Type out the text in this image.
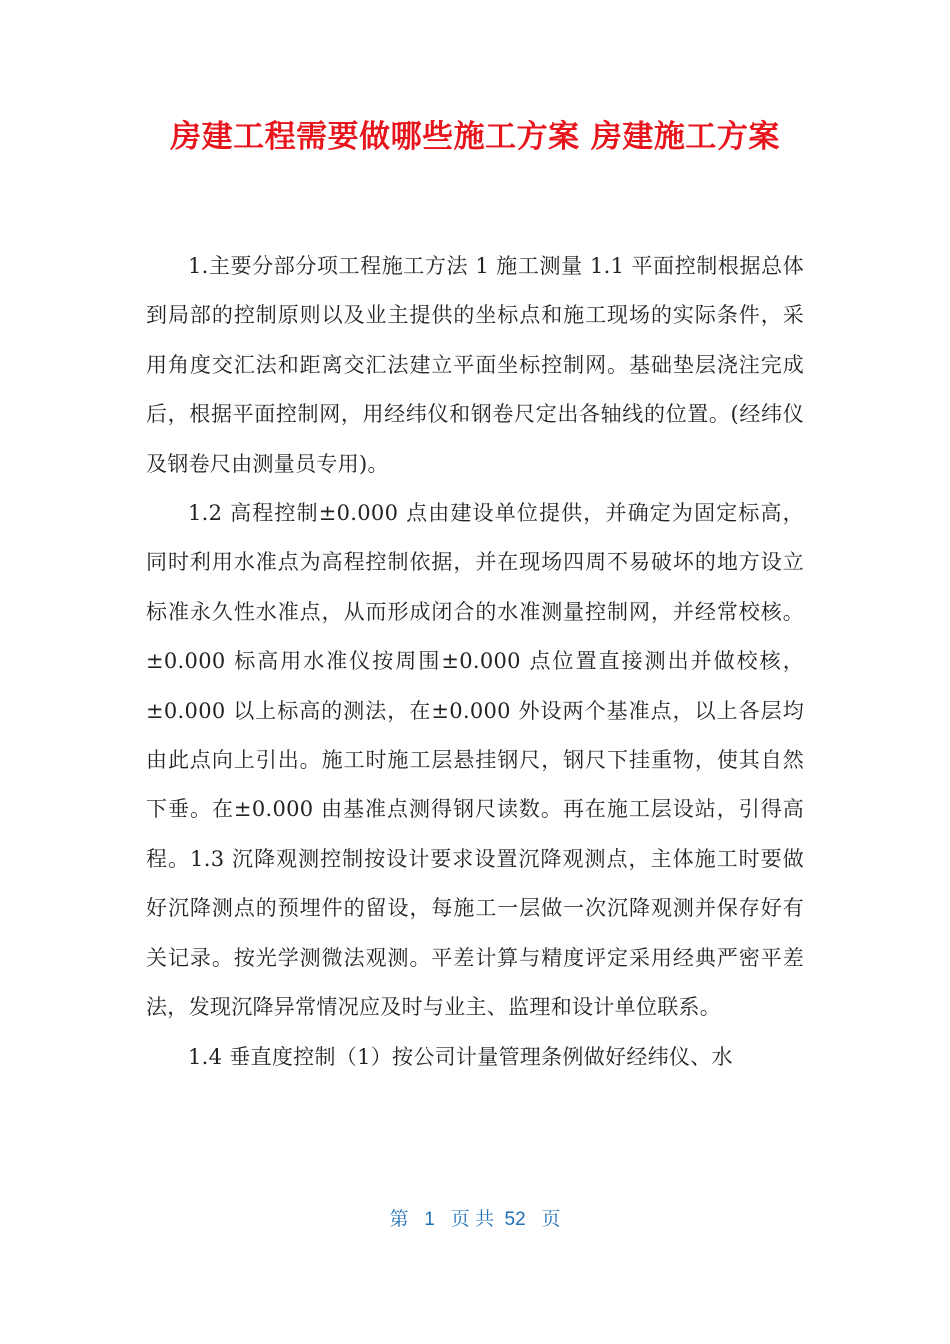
房建工程需要做哪些施工方案 房建施工方案

1.主要分部分项工程施工方法 1 施工测量 1.1 平面控制根据总体到局部的控制原则以及业主提供的坐标点和施工现场的实际条件，采用角度交汇法和距离交汇法建立平面坐标控制网。基础垫层浇注完成后，根据平面控制网，用经纬仪和钢卷尺定出各轴线的位置。(经纬仪及钢卷尺由测量员专用)。

1.2 高程控制±0.000 点由建设单位提供，并确定为固定标高，同时利用水准点为高程控制依据，并在现场四周不易破坏的地方设立标准永久性水准点，从而形成闭合的水准测量控制网，并经常校核。±0.000 标高用水准仪按周围±0.000 点位置直接测出并做校核，±0.000 以上标高的测法，在±0.000 外设两个基准点，以上各层均由此点向上引出。施工时施工层悬挂钢尺，钢尺下挂重物，使其自然下垂。在±0.000 由基准点测得钢尺读数。再在施工层设站，引得高程。1.3 沉降观测控制按设计要求设置沉降观测点，主体施工时要做好沉降测点的预埋件的留设，每施工一层做一次沉降观测并保存好有关记录。按光学测微法观测。平差计算与精度评定采用经典严密平差法，发现沉降异常情况应及时与业主、监理和设计单位联系。

1.4 垂直度控制（1）按公司计量管理条例做好经纬仪、水

第   1   页 共  52   页
